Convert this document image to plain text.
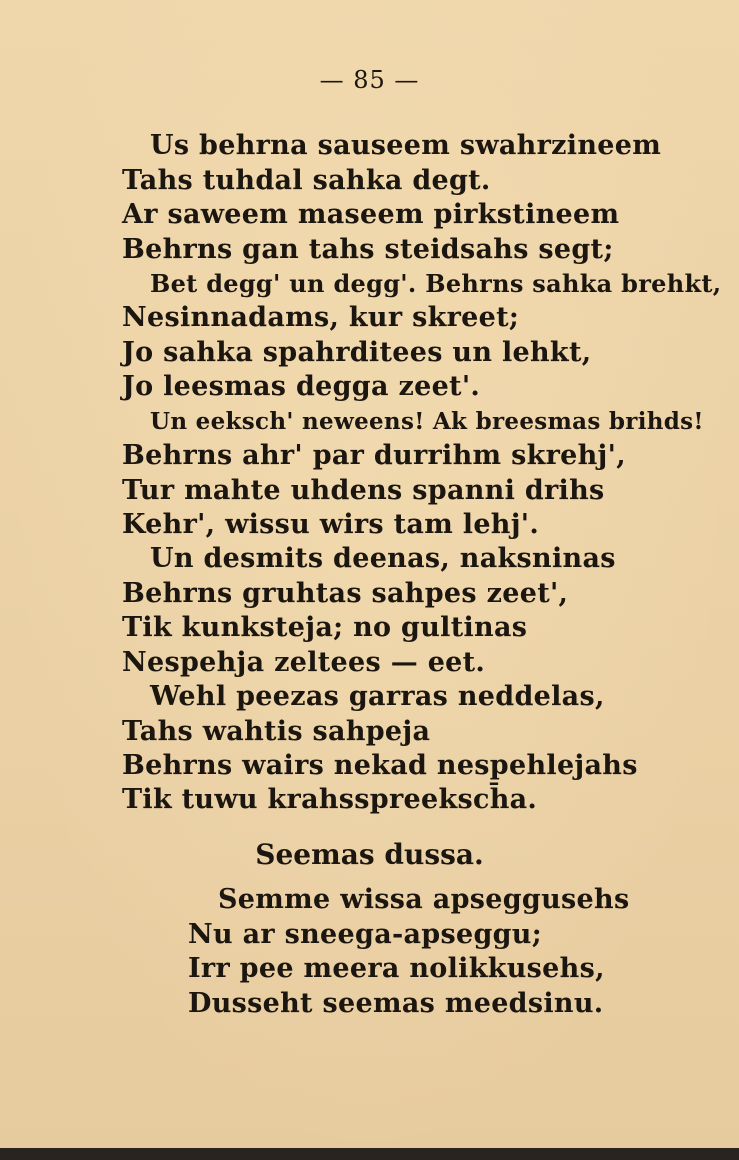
— 85 —
Us behrna sauseem swahrzineem
Tahs tuhdal sahka degt.
Ar saweem maseem pirkstineem
Behrns gan tahs steidsahs segt;
Bet degg' un degg'. Behrns sahka brehkt,
Nesinnadams, kur skreet;
Jo sahka spahrditees un lehkt,
Jo leesmas degga zeet'.
Un eeksch' neweens! Ak breesmas brihds!
Behrns ahr' par durrihm skrehj',
Tur mahte uhdens spanni drihs
Kehr', wissu wirs tam lehj'.
Un desmits deenas, naksninas
Behrns gruhtas sahpes zeet',
Tik kunksteja; no gultinas
Nespehja zeltees — eet.
Wehl peezas garras neddelas,
Tahs wahtis sahpeja
Behrns wairs nekad nespehlejahs
Tik tuwu krahsspreeksch̄a.
Seemas dussa.
Semme wissa apseggusehs
Nu ar sneega-apseggu;
Irr pee meera nolikkusehs,
Dusseht seemas meedsinu.
